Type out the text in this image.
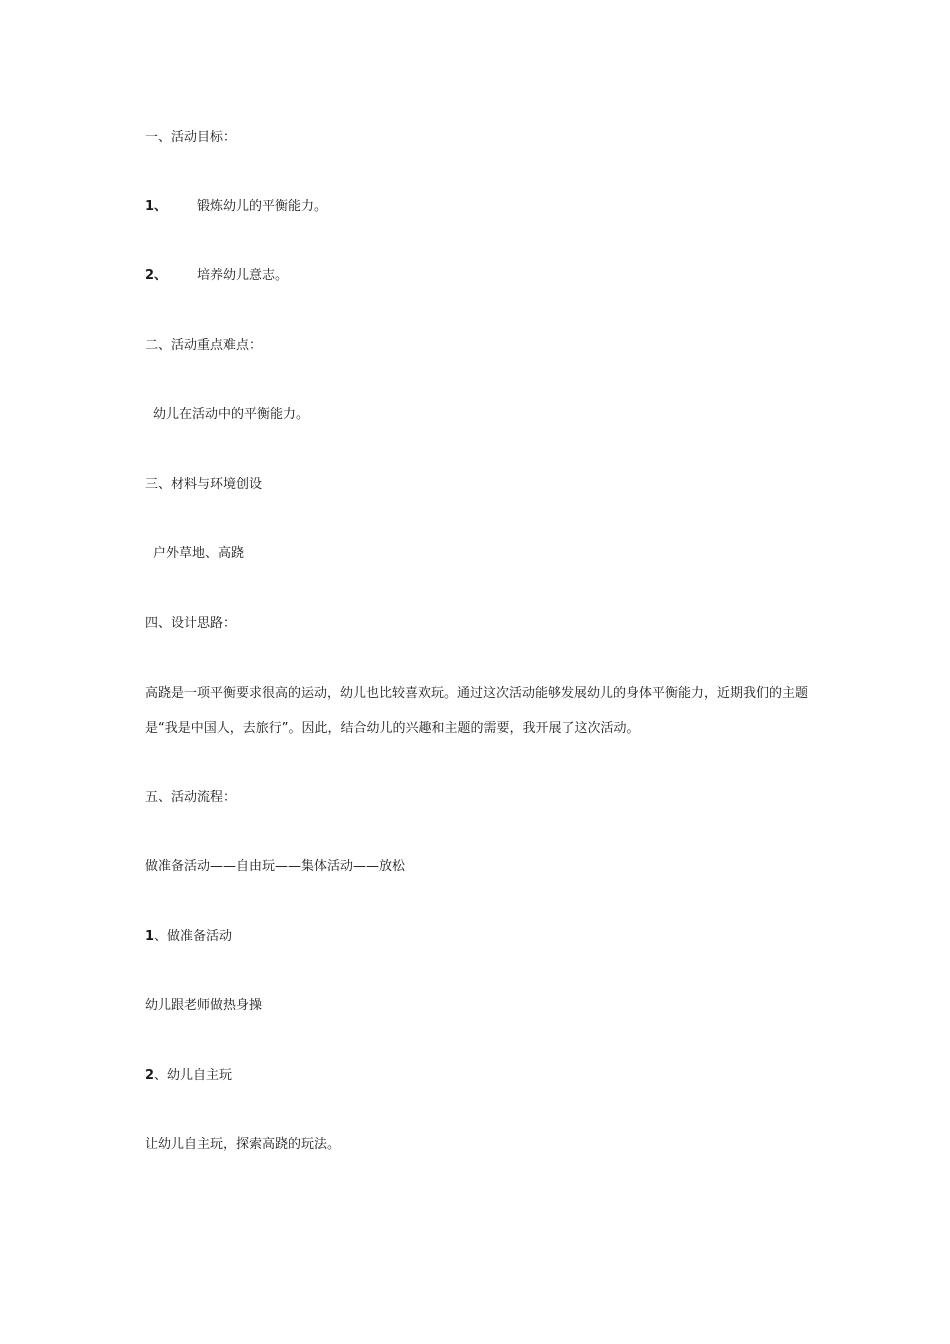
一、活动目标：
1、 锻炼幼儿的平衡能力。
2、 培养幼儿意志。
二、活动重点难点：
幼儿在活动中的平衡能力。
三、材料与环境创设
户外草地、高跷
四、设计思路：
高跷是一项平衡要求很高的运动，幼儿也比较喜欢玩。通过这次活动能够发展幼儿的身体平衡能力，近期我们的主题是“我是中国人，去旅行”。因此，结合幼儿的兴趣和主题的需要，我开展了这次活动。
五、活动流程：
做准备活动——自由玩——集体活动——放松
1、做准备活动
幼儿跟老师做热身操
2、幼儿自主玩
让幼儿自主玩，探索高跷的玩法。
